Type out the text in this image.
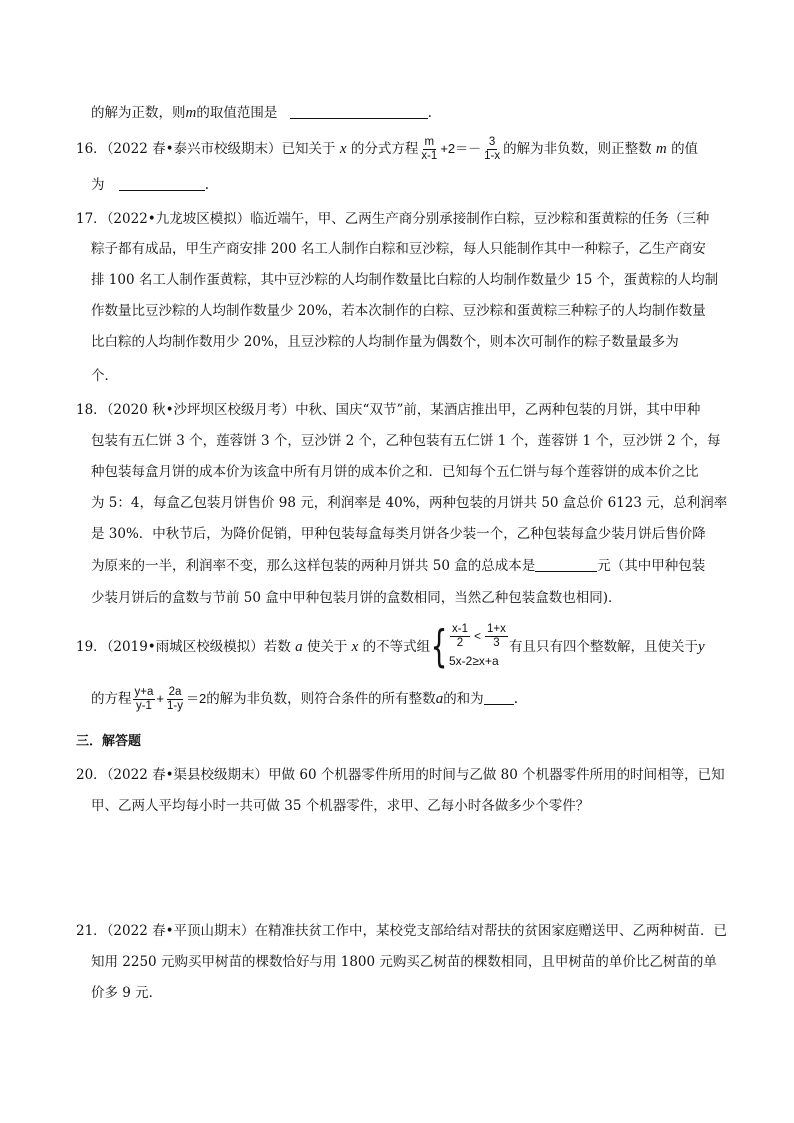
的解为正数，则m的取值范围是	.
16．（2022 春•泰兴市校级期末）已知关于 x 的分式方程 $\frac{m}{x-1} +2=- \frac{3}{1-x}$ 的解为非负数，则正整数 m 的值
为	.
17．（2022•九龙坡区模拟）临近端午，甲、乙两生产商分别承接制作白粽，豆沙粽和蛋黄粽的任务（三种
粽子都有成品，甲生产商安排 200 名工人制作白粽和豆沙粽，每人只能制作其中一种粽子，乙生产商安
排 100 名工人制作蛋黄粽，其中豆沙粽的人均制作数量比白粽的人均制作数量少 15 个，蛋黄粽的人均制
作数量比豆沙粽的人均制作数量少 20%，若本次制作的白粽、豆沙粽和蛋黄粽三种粽子的人均制作数量
比白粽的人均制作数用少 20%，且豆沙粽的人均制作量为偶数个，则本次可制作的粽子数量最多为
个．
18．（2020 秋•沙坪坝区校级月考）中秋、国庆“双节”前，某酒店推出甲，乙两种包装的月饼，其中甲种
包装有五仁饼 3 个，莲蓉饼 3 个，豆沙饼 2 个，乙种包装有五仁饼 1 个，莲蓉饼 1 个，豆沙饼 2 个，每
种包装每盒月饼的成本价为该盒中所有月饼的成本价之和．已知每个五仁饼与每个莲蓉饼的成本价之比
为 5：4，每盒乙包装月饼售价 98 元，利润率是 40%，两种包装的月饼共 50 盒总价 6123 元，总利润率
是 30%．中秋节后，为降价促销，甲种包装每盒每类月饼各少装一个，乙种包装每盒少装月饼后售价降
为原来的一半，利润率不变，那么这样包装的两种月饼共 50 盒的总成本是	元（其中甲种包装
少装月饼后的盒数与节前 50 盒中甲种包装月饼的盒数相同，当然乙种包装盒数也相同)．
19．（2019•雨城区校级模拟）若数 a 使关于 x 的不等式组 { $\frac{x-1}{2} < \frac{1+x}{3}$
5x-2≥x+a
有且只有四个整数解，且使关于y
的方程 $\frac{y+a}{y-1} + \frac{2a}{1-y} =2$的解为非负数，则符合条件的所有整数a的和为 .
三．解答题
20．（2022 春•渠县校级期末）甲做 60 个机器零件所用的时间与乙做 80 个机器零件所用的时间相等，已知
甲、乙两人平均每小时一共可做 35 个机器零件，求甲、乙每小时各做多少个零件？
21．（2022 春•平顶山期末）在精准扶贫工作中，某校党支部给结对帮扶的贫困家庭赠送甲、乙两种树苗．已
知用 2250 元购买甲树苗的棵数恰好与用 1800 元购买乙树苗的棵数相同，且甲树苗的单价比乙树苗的单
价多 9 元．
